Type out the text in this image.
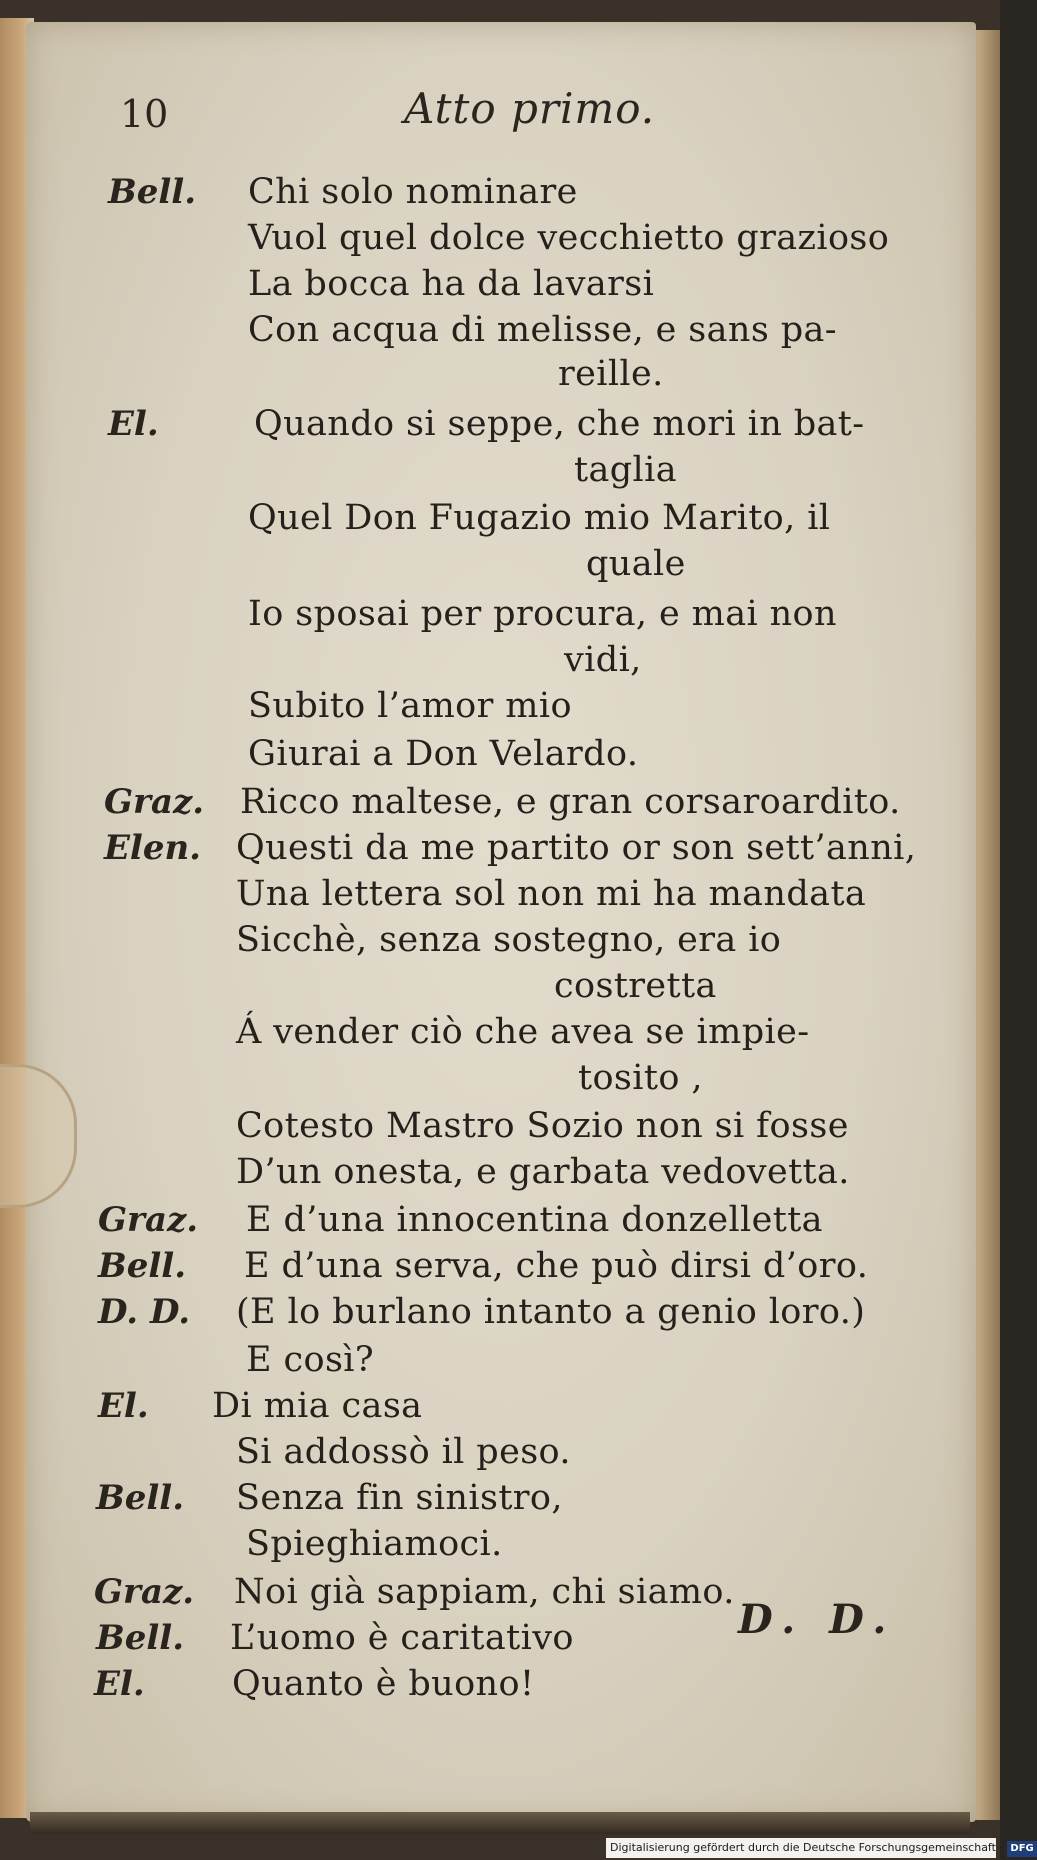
10	Atto primo.
Bell. Chi solo nominare
Vuol quel dolce vecchietto grazioso
La bocca ha da lavarsi
Con acqua di melisse, e sans pa-
reille.
El.	Quando si seppe, che mori in bat-
taglia
Quel Don Fugazio mio Marito, il
quale
Io sposai per procura, e mai non
vidi,
Subito l’amor mio
Giurai a Don Velardo.
Graz. Ricco maltese, e gran corsaroardito.
Elen. Questi da me partito or son sett’anni,
Una lettera sol non mi ha mandata
Sicchè, senza sostegno, era io
costretta
Á vender ciò che avea se impie-
tosito ,
Cotesto Mastro Sozio non si fosse
D’un onesta, e garbata vedovetta.
Graz. E d’una innocentina donzelletta
Bell. E d’una serva, che può dirsi d’oro.
D. D. (E lo burlano intanto a genio loro.)
E così?
El. Di mia casa
Si addossò il peso.
Bell. Senza fin sinistro,
Spieghiamoci.
Graz. Noi già sappiam, chi siamo.
Bell. L’uomo è caritativo
El. Quanto è buono!
D. D.
Digitalisierung gefördert durch die Deutsche Forschungsgemeinschaft - DFG
